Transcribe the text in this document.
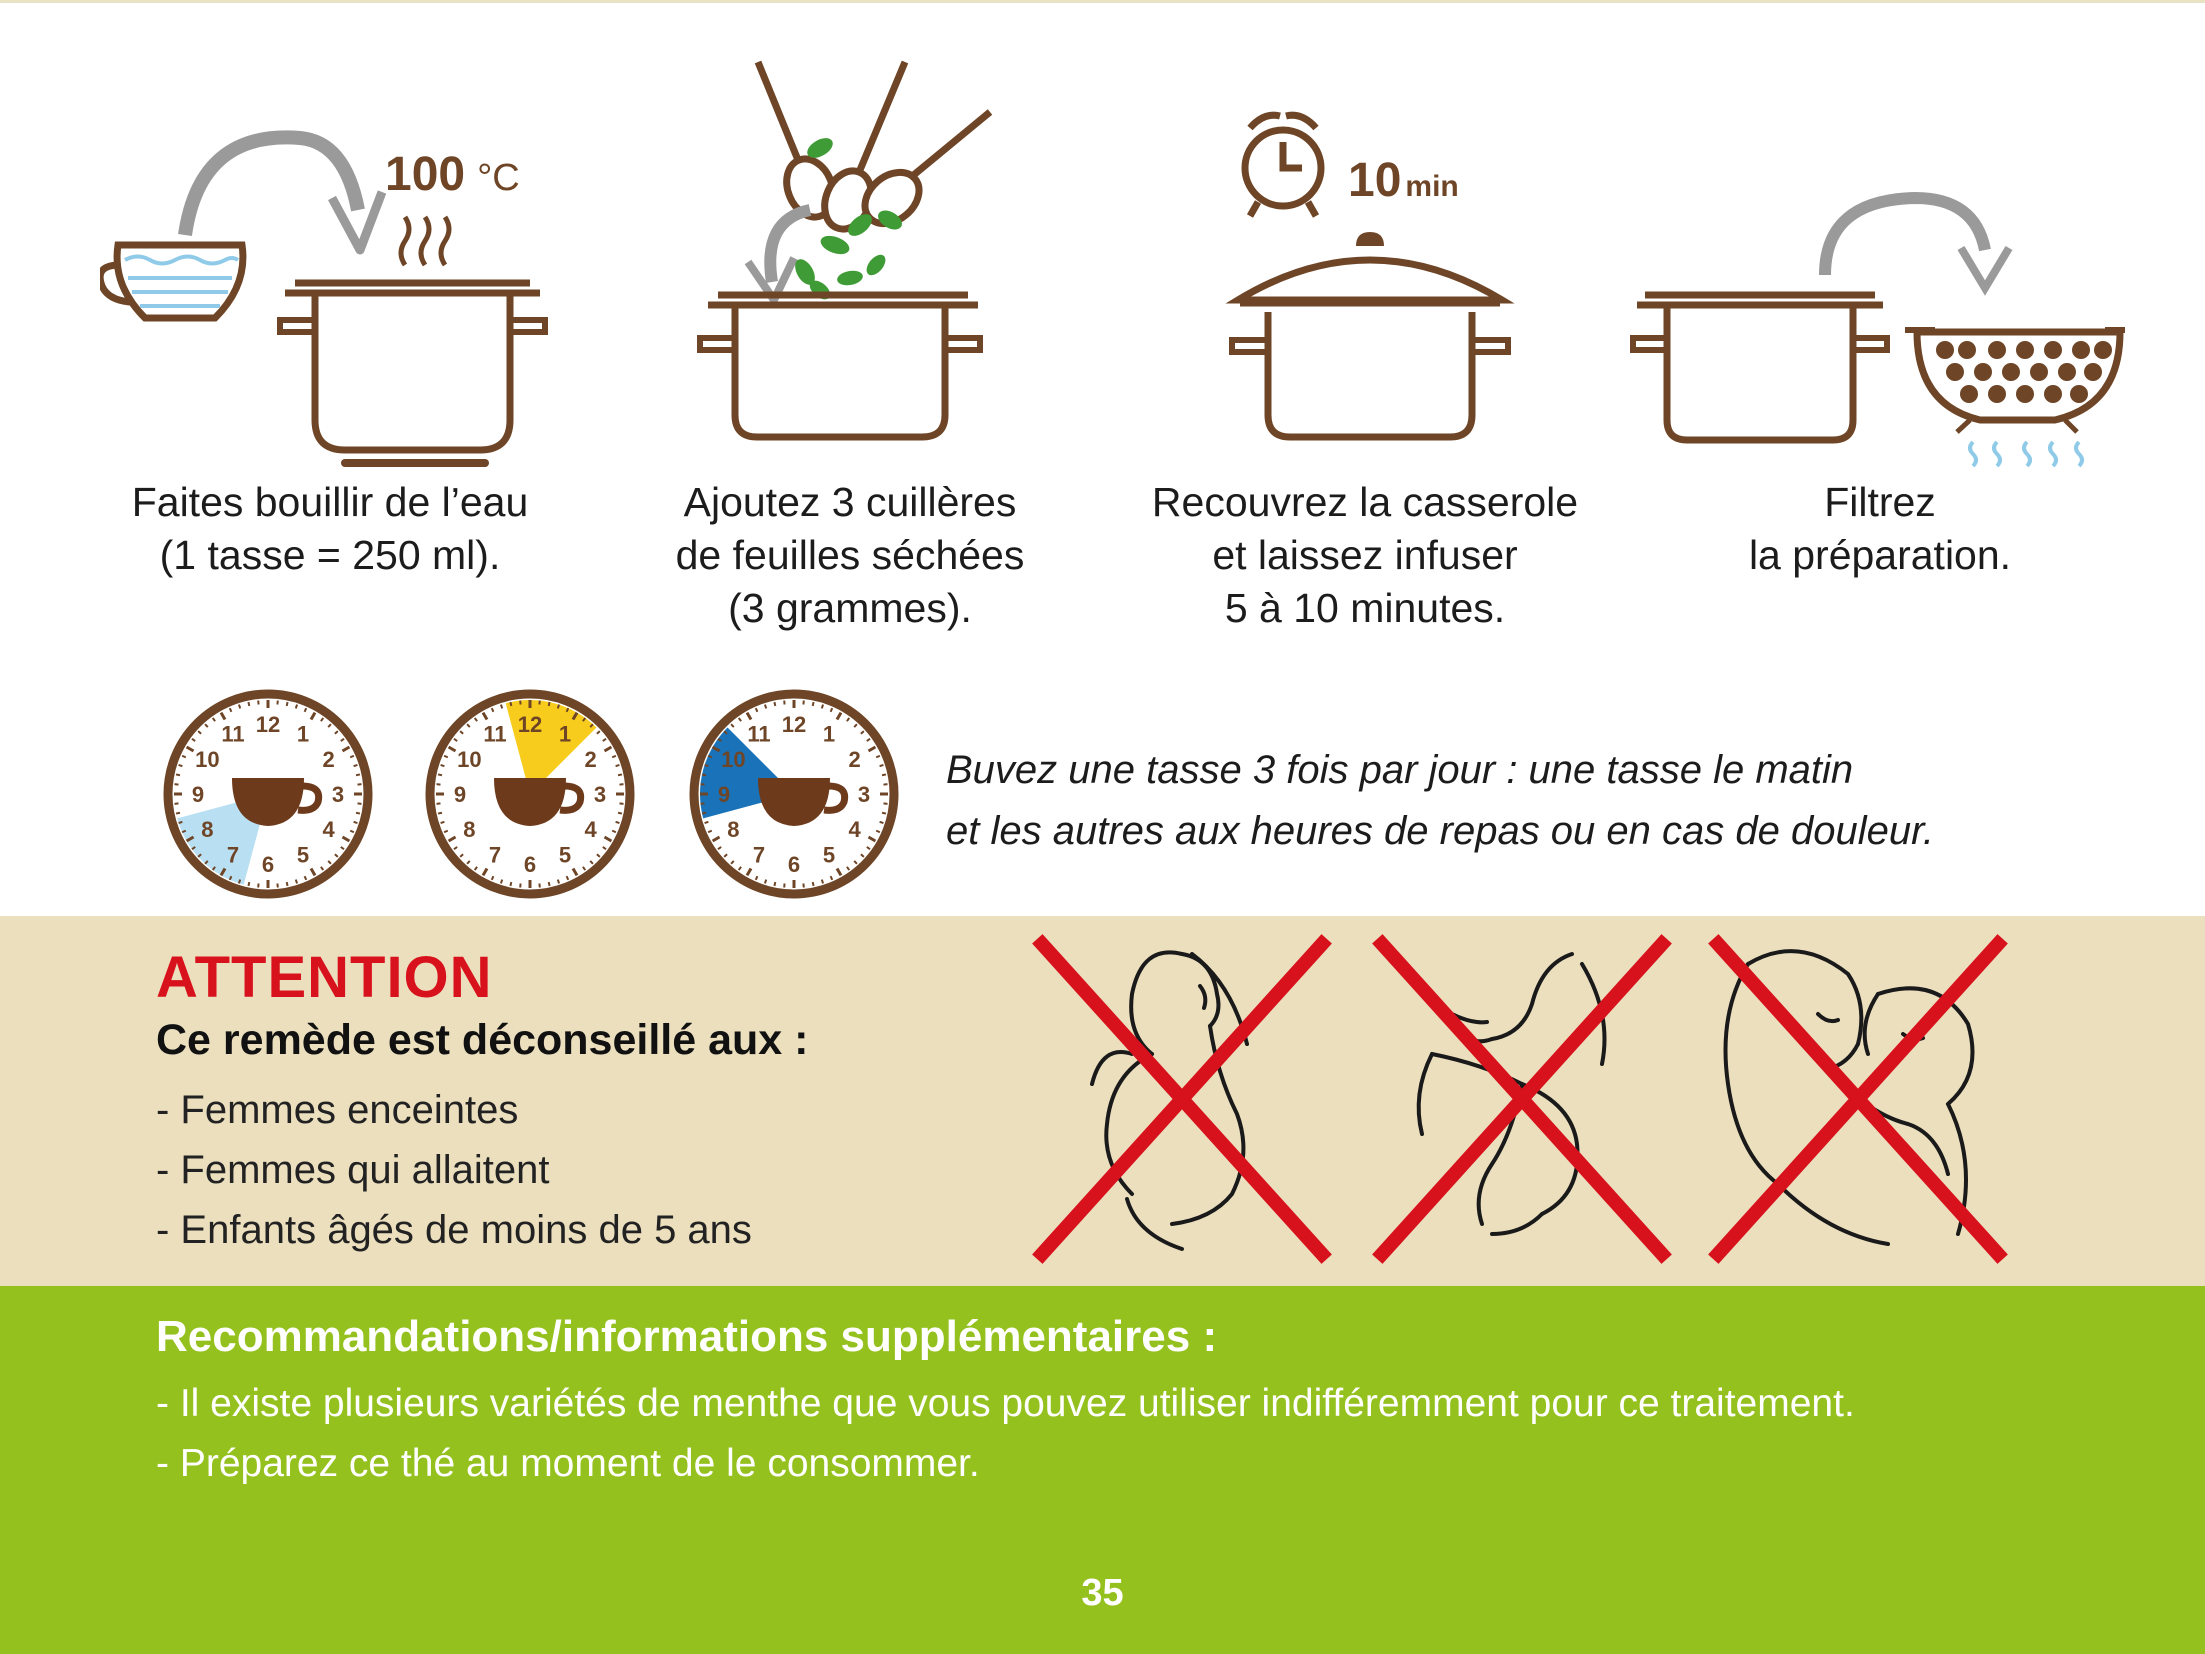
100 °C
Faites bouillir de l’eau
(1 tasse = 250 ml).
Ajoutez 3 cuillères
de feuilles séchées
(3 grammes).
10 min
Recouvrez la casserole
et laissez infuser
5 à 10 minutes.
Filtrez
la préparation.
1
2
3
4
5
6
7
8
9
10
11 12	1
2
3
4
5
6
7
8
9
10
11 12	1
2
3
4
5
6
7
8
9
10
11 12
Buvez une tasse 3 fois par jour : une tasse le matin
et les autres aux heures de repas ou en cas de douleur.
ATTENTION
Ce remède est déconseillé aux :
- Femmes enceintes
- Femmes qui allaitent
- Enfants âgés de moins de 5 ans
Recommandations/informations supplémentaires :
- Il existe plusieurs variétés de menthe que vous pouvez utiliser indifféremment pour ce traitement.
- Préparez ce thé au moment de le consommer.
35
